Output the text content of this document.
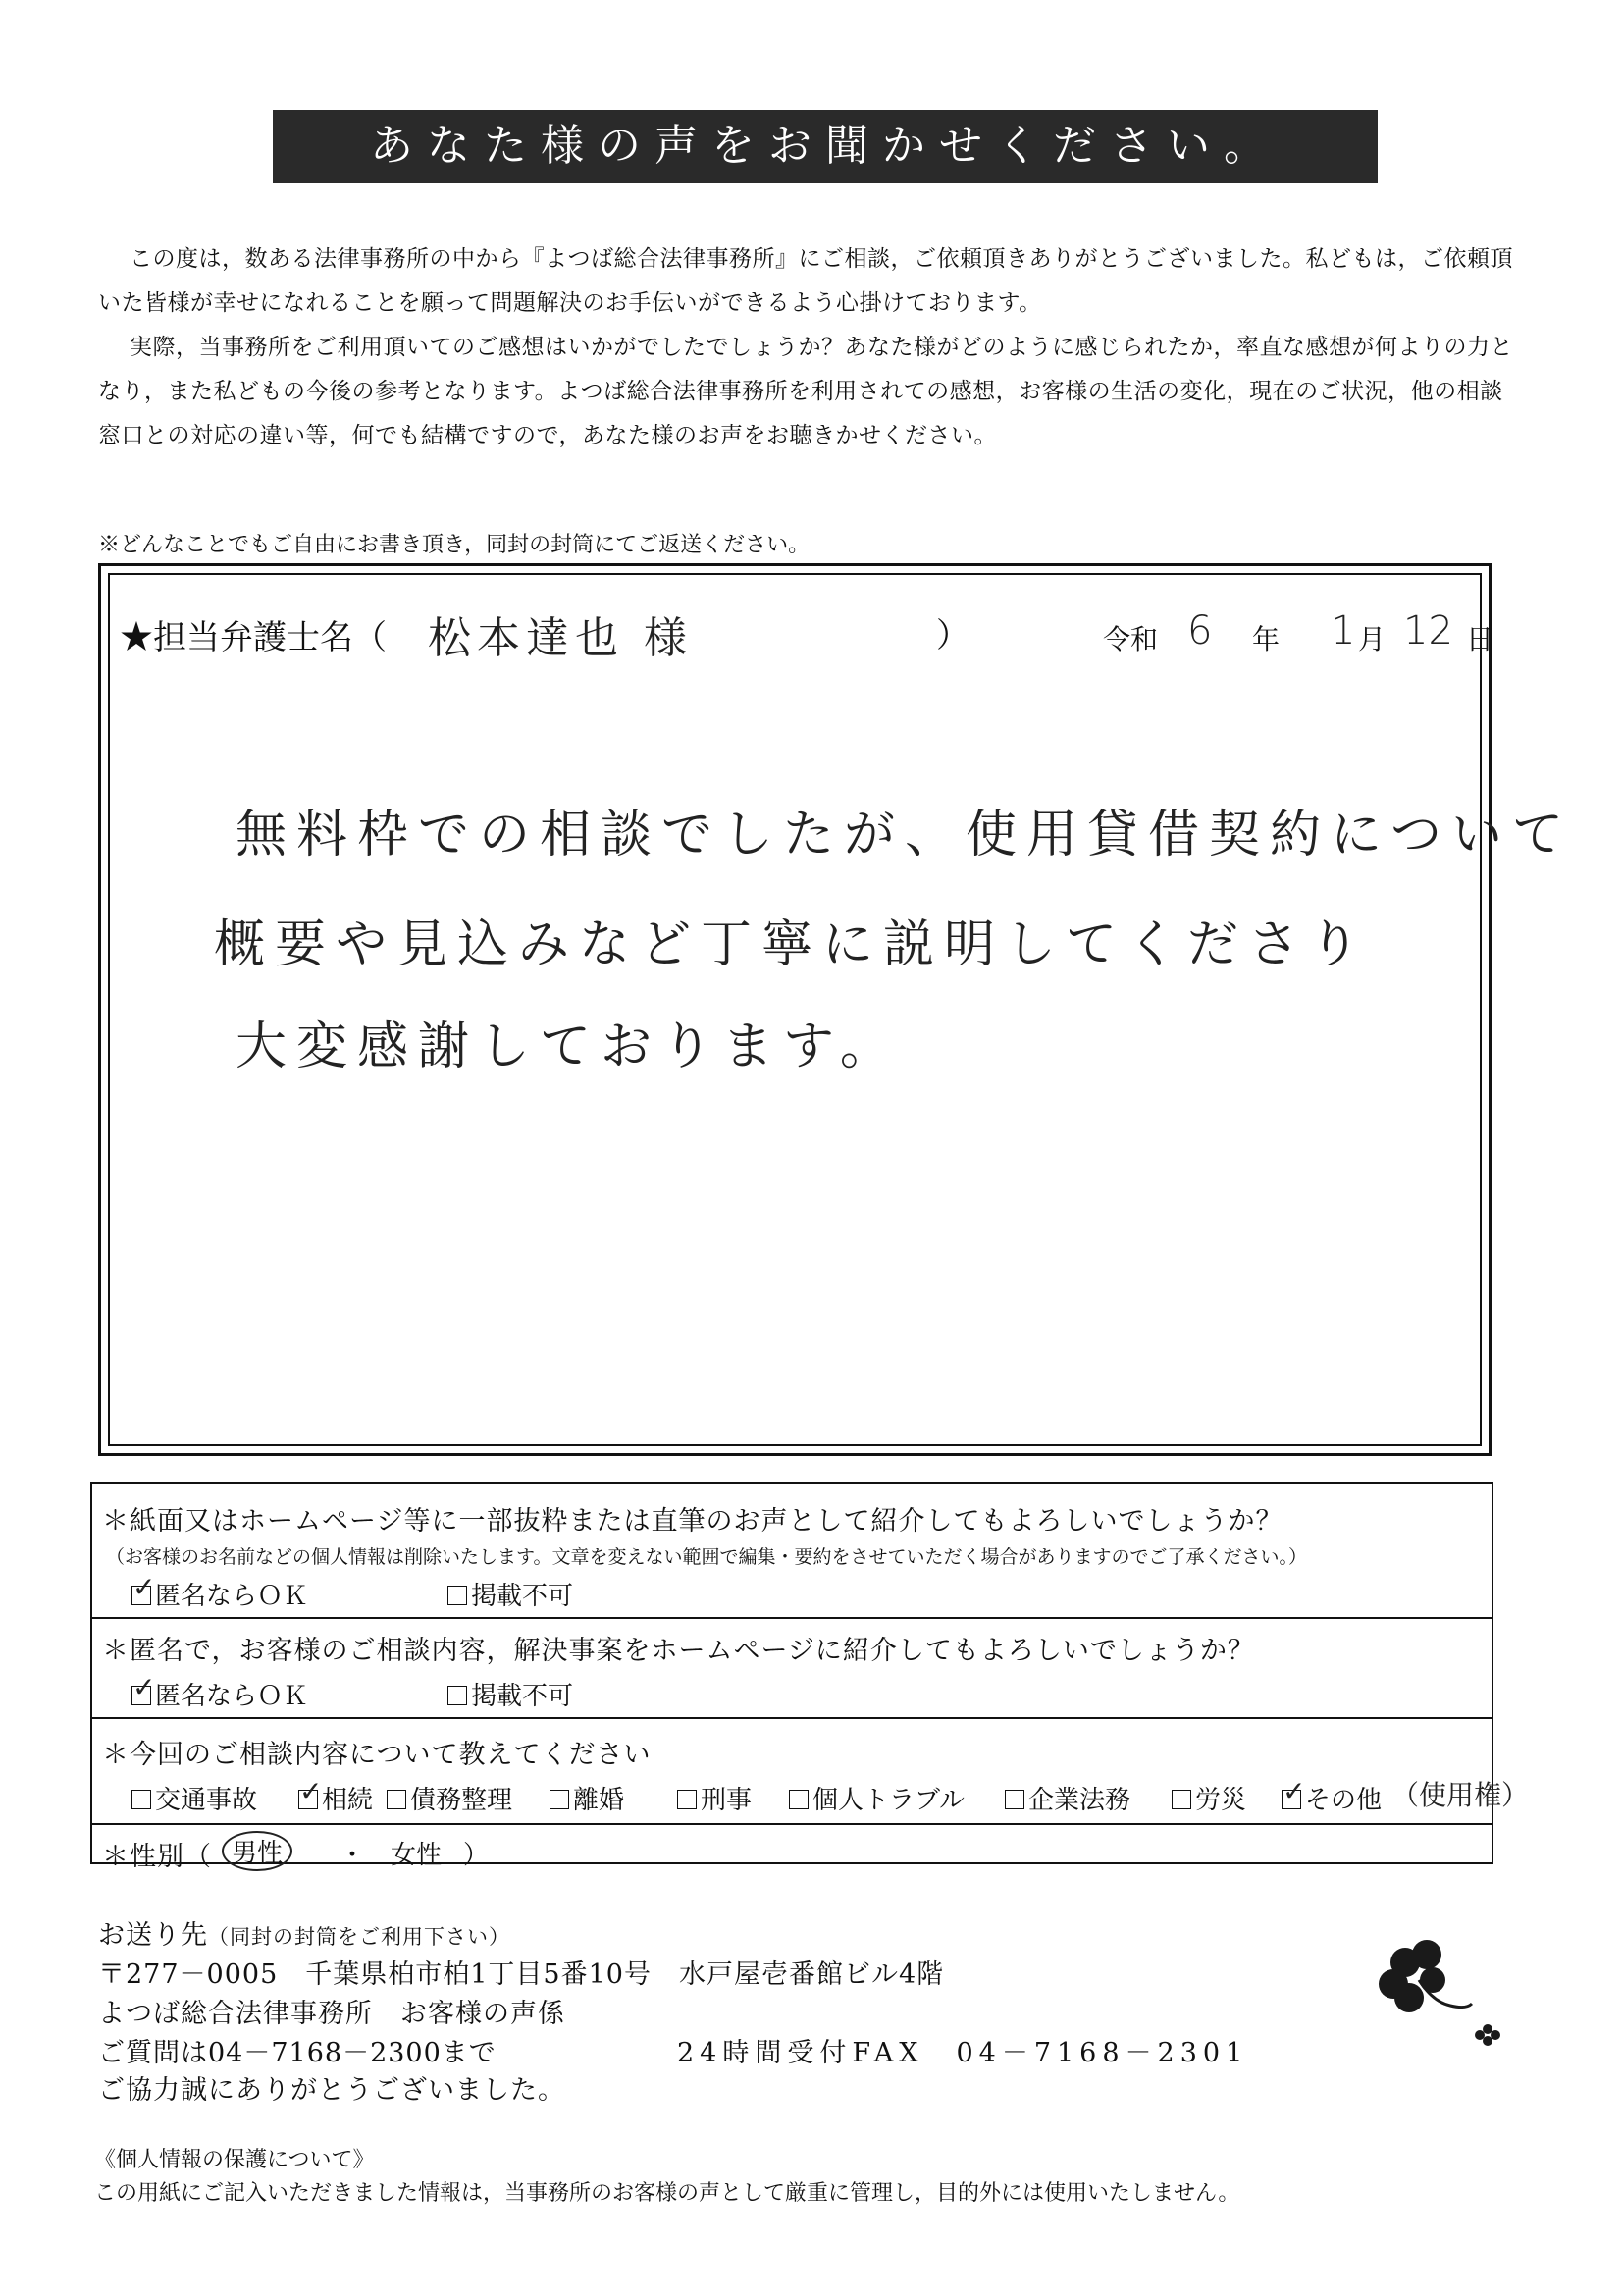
あなた様の声をお聞かせください。

この度は，数ある法律事務所の中から『よつば総合法律事務所』にご相談，ご依頼頂きありがとうございました。私どもは，ご依頼頂いた皆様が幸せになれることを願って問題解決のお手伝いができるよう心掛けております。

実際，当事務所をご利用頂いてのご感想はいかがでしたでしょうか？あなた様がどのように感じられたか，率直な感想が何よりの力となり，また私どもの今後の参考となります。よつば総合法律事務所を利用されての感想，お客様の生活の変化，現在のご状況，他の相談窓口との対応の違い等，何でも結構ですので，あなた様のお声をお聴きかせください。

※どんなことでもご自由にお書き頂き，同封の封筒にてご返送ください。
★担当弁護士名（ 松本達也 様	）	令和 6 年 1 月 12 日
無料枠での相談でしたが、使用貸借契約について
概要や見込みなど丁寧に説明してくださり
大変感謝しております。
＊紙面又はホームページ等に一部抜粋または直筆のお声として紹介してもよろしいでしょうか？
（お客様のお名前などの個人情報は削除いたします。文章を変えない範囲で編集・要約をさせていただく場合がありますのでご了承ください。）
✓匿名ならＯＫ	掲載不可
＊匿名で，お客様のご相談内容，解決事案をホームページに紹介してもよろしいでしょうか？
✓匿名ならＯＫ	掲載不可
＊今回のご相談内容について教えてください
交通事故 ✓	相続	債務整理	離婚	刑事	個人トラブル	企業法務	労災 ✓	その他 （使用権）
＊性別（ 男性	・ 女性 ）
お送り先（同封の封筒をご利用下さい）
〒277－0005　千葉県柏市柏1丁目5番10号　水戸屋壱番館ビル4階
よつば総合法律事務所　お客様の声係
ご質問は04－7168－2300まで	24時間受付FAX　04－7168－2301
ご協力誠にありがとうございました。
《個人情報の保護について》
この用紙にご記入いただきました情報は，当事務所のお客様の声として厳重に管理し，目的外には使用いたしません。
